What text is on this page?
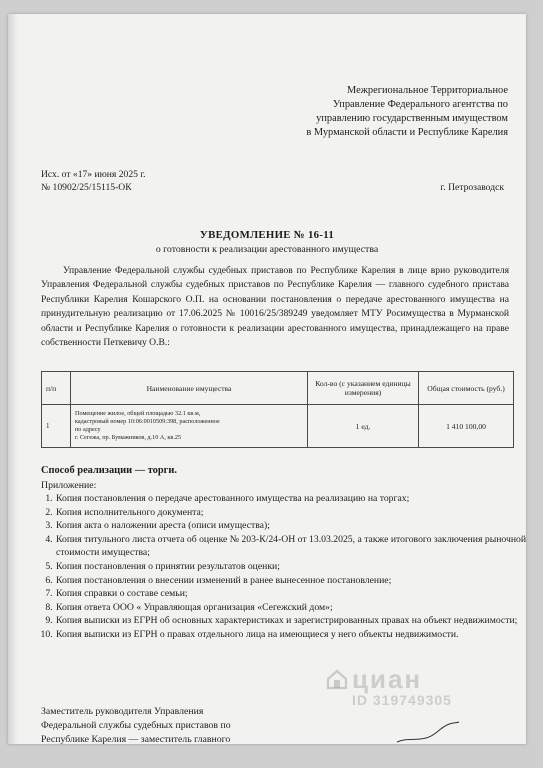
Межрегиональное Территориальное
Управление Федерального агентства по
управлению государственным имуществом
в Мурманской области и Республике Карелия
Исх. от «17» июня 2025 г.
№ 10902/25/15115-ОК	г. Петрозаводск
УВЕДОМЛЕНИЕ № 16-11
о готовности к реализации арестованного имущества
Управление Федеральной службы судебных приставов по Республике Карелия в лице врио руководителя Управления Федеральной службы судебных приставов по Республике Карелия — главного судебного пристава Республики Карелия Кошарского О.П. на основании постановления о передаче арестованного имущества на принудительную реализацию от 17.06.2025 № 10016/25/389249 уведомляет МТУ Росимущества в Мурманской области и Республике Карелия о готовности к реализации арестованного имущества, принадлежащего на праве собственности Петкевичу О.В.:
п/п	Наименование имущества	Кол-во (с указанием единицы измерения)	Общая стоимость (руб.)
1	Помещение жилое, общей площадью 32.1 кв.м,
кадастровый номер 10:06:0010509:398, расположенное
по адресу
г. Сегежа, пр. Бумажников, д.10 А, кв.25	1 ед.	1 410 100,00
Способ реализации — торги.
Приложение:
1. Копия постановления о передаче арестованного имущества на реализацию на торгах;
2. Копия исполнительного документа;
3. Копия акта о наложении ареста (описи имущества);
4. Копия титульного листа отчета об оценке № 203-К/24-ОН от 13.03.2025, а также итогового заключения рыночной стоимости имущества;
5. Копия постановления о принятии результатов оценки;
6. Копия постановления о внесении изменений в ранее вынесенное постановление;
7. Копия справки о составе семьи;
8. Копия ответа ООО « Управляющая организация «Сегежский дом»;
9. Копия выписки из ЕГРН об основных характеристиках и зарегистрированных правах на объект недвижимости;
10. Копия выписки из ЕГРН о правах отдельного лица на имеющиеся у него объекты недвижимости.
Заместитель руководителя Управления
Федеральной службы судебных приставов по
Республике Карелия — заместитель главного
циан
ID 319749305
